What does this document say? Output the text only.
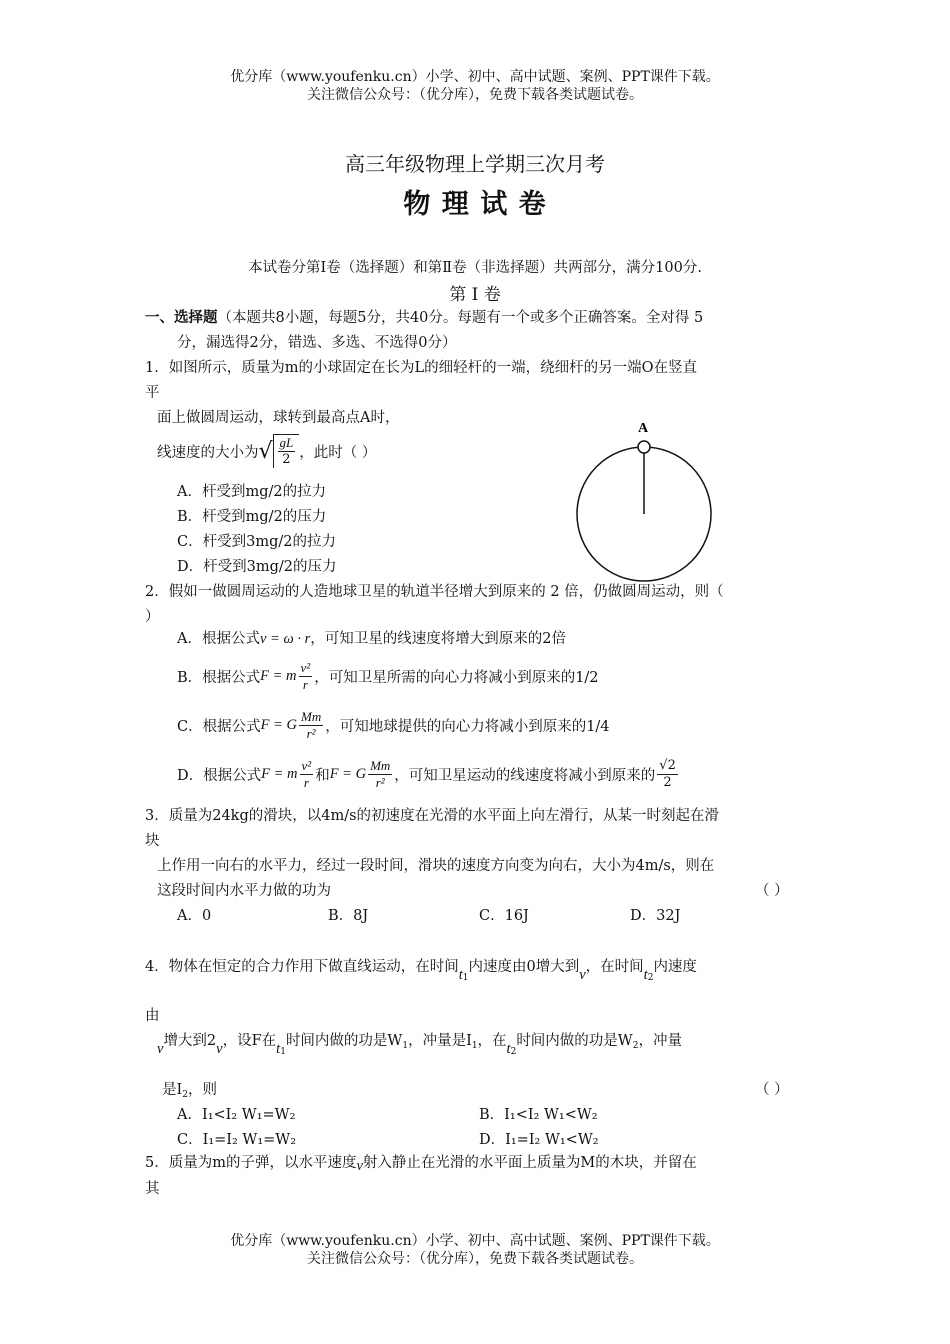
优分库（www.youfenku.cn）小学、初中、高中试题、案例、PPT课件下载。
关注微信公众号：（优分库），免费下载各类试题试卷。
高三年级物理上学期三次月考
物 理 试 卷
本试卷分第Ⅰ卷（选择题）和第Ⅱ卷（非选择题）共两部分，满分100分.
第 Ⅰ 卷
一、选择题（本题共8小题，每题5分，共40分。每题有一个或多个正确答案。全对得 5
分，漏选得2分，错选、多选、不选得0分）
1．如图所示，质量为m的小球固定在长为L的细轻杆的一端，绕细杆的另一端O在竖直
平
面上做圆周运动，球转到最高点A时，
线速度的大小为 √ $\frac{gL}{2}$ ，此时（ ）
A．杆受到mg/2的拉力
B．杆受到mg/2的压力
C．杆受到3mg/2的拉力
D．杆受到3mg/2的压力
A
2．假如一做圆周运动的人造地球卫星的轨道半径增大到原来的 2 倍，仍做圆周运动，则（
）
A．根据公式v = ω · r，可知卫星的线速度将增大到原来的2倍
B．根据公式 F = m $\frac{\text{v²}}{r}$ ，可知卫星所需的向心力将减小到原来的1/2
C．根据公式 F = G $\frac{Mm}{\text{r²}}$ ，可知地球提供的向心力将减小到原来的1/4
D．根据公式 F = m $\frac{\text{v²}}{r}$ 和 F = G $\frac{Mm}{\text{r²}}$ ，可知卫星运动的线速度将减小到原来的 $\frac{√2}{2}$
3．质量为24kg的滑块，以4m/s的初速度在光滑的水平面上向左滑行，从某一时刻起在滑
块
上作用一向右的水平力，经过一段时间，滑块的速度方向变为向右，大小为4m/s，则在
这段时间内水平力做的功为	（ ）
A．0	B．8J	C．16J	D．32J
4．物体在恒定的合力作用下做直线运动，在时间$t_1$内速度由0增大到v，在时间$t_2$内速度
由
v增大到2v，设F在$t_1$时间内做的功是$W_1$，冲量是$I_1$，在$t_2$时间内做的功是$W_2$，冲量
是$I_2$，则	（ ）
A．I₁<I₂ W₁=W₂	B．I₁<I₂ W₁<W₂
C．I₁=I₂ W₁=W₂	D．I₁=I₂ W₁<W₂
5．质量为m的子弹，以水平速度v射入静止在光滑的水平面上质量为M的木块，并留在
其
优分库（www.youfenku.cn）小学、初中、高中试题、案例、PPT课件下载。
关注微信公众号：（优分库），免费下载各类试题试卷。
